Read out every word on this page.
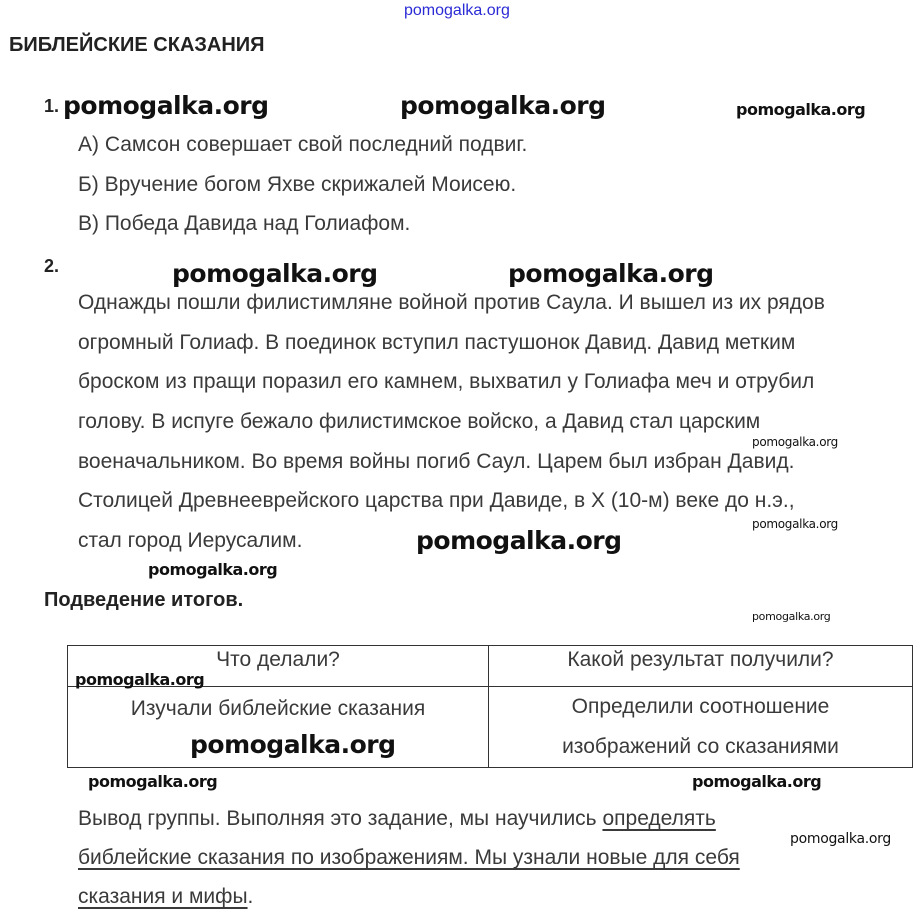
pomogalka.org
БИБЛЕЙСКИЕ СКАЗАНИЯ
1.
А) Самсон совершает свой последний подвиг.
Б) Вручение богом Яхве скрижалей Моисею.
В) Победа Давида над Голиафом.
2.
Однажды пошли филистимляне войной против Саула. И вышел из их рядов
огромный Голиаф. В поединок вступил пастушонок Давид. Давид метким
броском из пращи поразил его камнем, выхватил у Голиафа меч и отрубил
голову. В испуге бежало филистимское войско, а Давид стал царским
военачальником. Во время войны погиб Саул. Царем был избран Давид.
Столицей Древнееврейского царства при Давиде, в X (10-м) веке до н.э.,
стал город Иерусалим.
Подведение итогов.
Что делали?	Какой результат получили?
Изучали библейские сказания	Определили соотношение изображений со сказаниями
Вывод группы. Выполняя это задание, мы научились определять
библейские сказания по изображениям. Мы узнали новые для себя
сказания и мифы.
pomogalka.org	pomogalka.org	pomogalka.org
pomogalka.org	pomogalka.org
pomogalka.org
pomogalka.org
pomogalka.org
pomogalka.org
pomogalka.org
pomogalka.org
pomogalka.org
pomogalka.org
pomogalka.org
pomogalka.org
